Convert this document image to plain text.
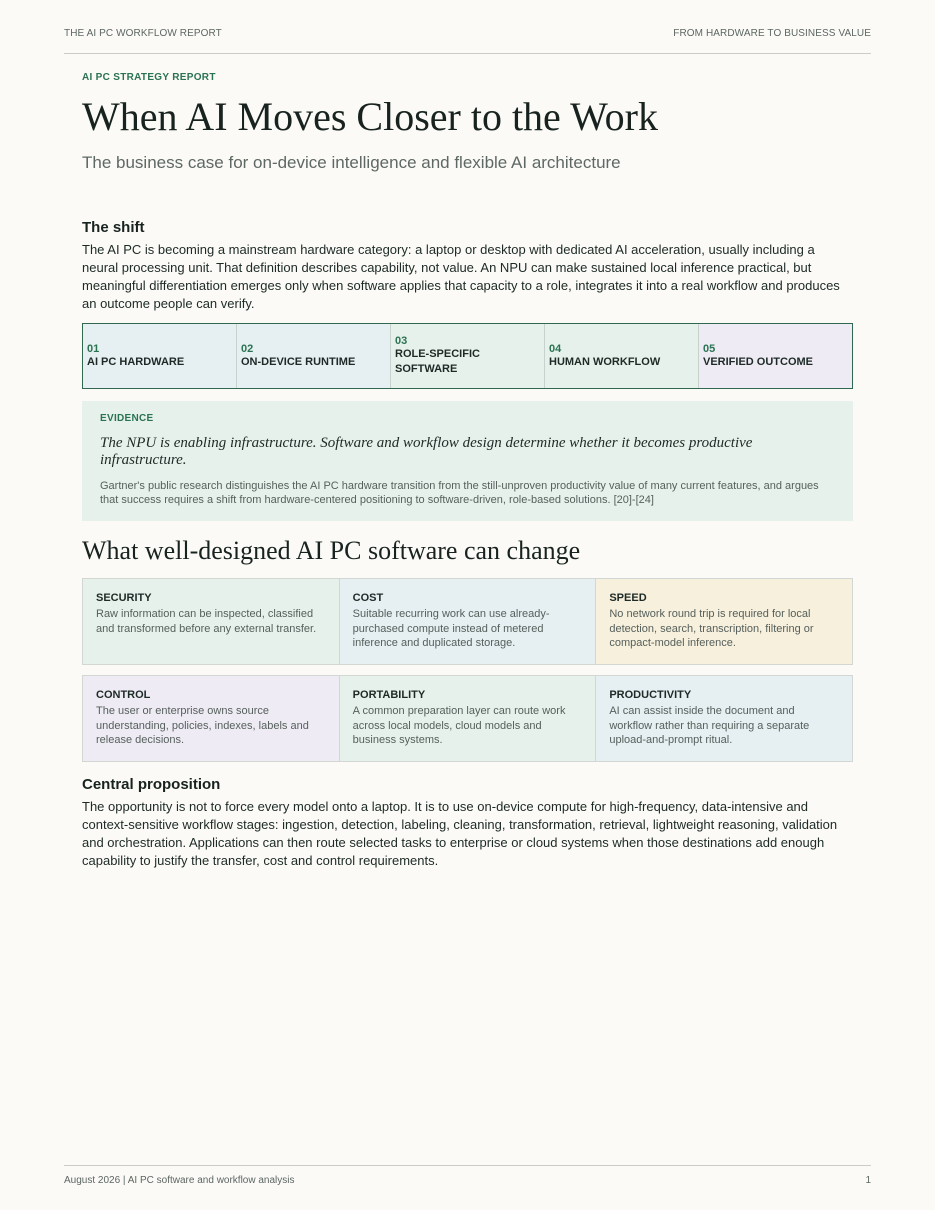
THE AI PC WORKFLOW REPORT	FROM HARDWARE TO BUSINESS VALUE
AI PC STRATEGY REPORT
When AI Moves Closer to the Work
The business case for on-device intelligence and flexible AI architecture
The shift
The AI PC is becoming a mainstream hardware category: a laptop or desktop with dedicated AI acceleration, usually including a neural processing unit. That definition describes capability, not value. An NPU can make sustained local inference practical, but meaningful differentiation emerges only when software applies that capacity to a role, integrates it into a real workflow and produces an outcome people can verify.
01
AI PC HARDWARE
02
ON-DEVICE RUNTIME
03
ROLE-SPECIFIC SOFTWARE
04
HUMAN WORKFLOW
05
VERIFIED OUTCOME
EVIDENCE
The NPU is enabling infrastructure. Software and workflow design determine whether it becomes productive infrastructure.
Gartner's public research distinguishes the AI PC hardware transition from the still-unproven productivity value of many current features, and argues that success requires a shift from hardware-centered positioning to software-driven, role-based solutions. [20]-[24]
What well-designed AI PC software can change
SECURITY
Raw information can be inspected, classified and transformed before any external transfer.
COST
Suitable recurring work can use already-purchased compute instead of metered inference and duplicated storage.
SPEED
No network round trip is required for local detection, search, transcription, filtering or compact-model inference.
CONTROL
The user or enterprise owns source understanding, policies, indexes, labels and release decisions.
PORTABILITY
A common preparation layer can route work across local models, cloud models and business systems.
PRODUCTIVITY
AI can assist inside the document and workflow rather than requiring a separate upload-and-prompt ritual.
Central proposition
The opportunity is not to force every model onto a laptop. It is to use on-device compute for high-frequency, data-intensive and context-sensitive workflow stages: ingestion, detection, labeling, cleaning, transformation, retrieval, lightweight reasoning, validation and orchestration. Applications can then route selected tasks to enterprise or cloud systems when those destinations add enough capability to justify the transfer, cost and control requirements.
August 2026 | AI PC software and workflow analysis	1
